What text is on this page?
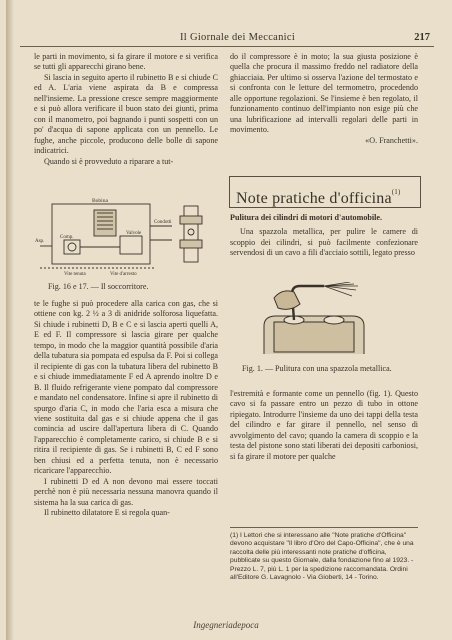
Il Giornale dei Meccanici	217

le parti in movimento, si fa girare il motore e si verifica se tutti gli apparecchi girano bene.

Si lascia in seguito aperto il rubinetto B e si chiude C ed A. L'aria viene aspirata da B e compressa nell'insieme. La pressione cresce sempre maggiormente e si può allora verificare il buon stato dei giunti, prima con il manometro, poi bagnando i punti sospetti con un po' d'acqua di sapone applicata con un pennello. Le fughe, anche piccole, producono delle bolle di sapone indicatrici.

Quando si è provveduto a riparare a tut-

Bobina
Asp.
Valvole
Condotti
Vite tenuta	Vite d'arresto
Comp.
Fig. 16 e 17. — Il soccorritore.

te le fughe si può procedere alla carica con gas, che si ottiene con kg. 2 ½ a 3 di anidride solforosa liquefatta. Si chiude i rubinetti D, B e C e si lascia aperti quelli A, E ed F. Il compressore si lascia girare per qualche tempo, in modo che la maggior quantità possibile d'aria della tubatura sia pompata ed espulsa da F. Poi si collega il recipiente di gas con la tubatura libera del rubinetto B e si chiude immediatamente F ed A aprendo inoltre D e B. Il fluido refrigerante viene pompato dal compressore e mandato nel condensatore. Infine si apre il rubinetto di spurgo d'aria C, in modo che l'aria esca a misura che viene sostituita dal gas e si chiude appena che il gas comincia ad uscire dall'apertura libera di C. Quando l'apparecchio è completamente carico, si chiude B e si ritira il recipiente di gas. Se i rubinetti B, C ed F sono ben chiusi ed a perfetta tenuta, non è necessario ricaricare l'apparecchio.

I rubinetti D ed A non devono mai essere toccati perchè non è più necessaria nessuna manovra quando il sistema ha la sua carica di gas.

Il rubinetto dilatatore E si regola quan-

do il compressore è in moto; la sua giusta posizione è quella che procura il massimo freddo nel radiatore della ghiacciaia. Per ultimo si osserva l'azione del termostato e si confronta con le letture del termometro, procedendo alle opportune regolazioni. Se l'insieme è ben regolato, il funzionamento continuo dell'impianto non esige più che una lubrificazione ad intervalli regolari delle parti in movimento.

«O. Franchetti».

Note pratiche d'officina$^{(1)}$

Pulitura dei cilindri di motori d'automobile.

Una spazzola metallica, per pulire le camere di scoppio dei cilindri, si può facilmente confezionare servendosi di un cavo a fili d'acciaio sottili, legato presso

Fig. 1. — Pulitura con una spazzola metallica.

l'estremità e formante come un pennello (fig. 1). Questo cavo si fa passare entro un pezzo di tubo in ottone ripiegato. Introdurre l'insieme da uno dei tappi della testa del cilindro e far girare il pennello, nel senso di avvolgimento del cavo; quando la camera di scoppio e la testa del pistone sono stati liberati dei depositi carboniosi, si fa girare il motore per qualche

(1) I Lettori che si interessano alle "Note pratiche d'Officina" devono acquistare "Il libro d'Oro del Capo-Officina", che è una raccolta delle più interessanti note pratiche d'officina, pubblicate su questo Giornale, dalla fondazione fino al 1923. - Prezzo L. 7, più L. 1 per la spedizione raccomandata. Ordini all'Editore G. Lavagnolo - Via Gioberti, 14 - Torino.
Ingegneriadepoca
